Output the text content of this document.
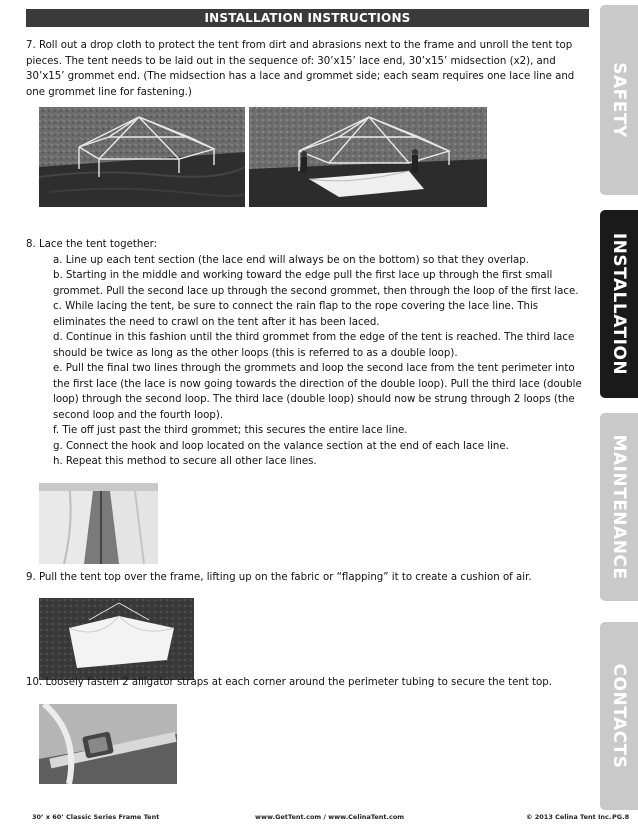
INSTALLATION INSTRUCTIONS

7. Roll out a drop cloth to protect the tent from dirt and abrasions next to the frame and unroll the tent top pieces. The tent needs to be laid out in the sequence of: 30’x15’ lace end, 30’x15’ midsection (x2), and 30’x15’ grommet end. (The midsection has a lace and grommet side; each seam requires one lace line and one grommet line for fastening.)

8. Lace the tent together:
a. Line up each tent section (the lace end will always be on the bottom) so that they overlap.
b. Starting in the middle and working toward the edge pull the first lace up through the first small grommet. Pull the second lace up through the second grommet, then through the loop of the first lace.
c. While lacing the tent, be sure to connect the rain flap to the rope covering the lace line. This eliminates the need to crawl on the tent after it has been laced.
d. Continue in this fashion until the third grommet from the edge of the tent is reached. The third lace should be twice as long as the other loops (this is referred to as a double loop).
e. Pull the final two lines through the grommets and loop the second lace from the tent perimeter into the first lace (the lace is now going towards the direction of the double loop). Pull the third lace (double loop) through the second loop. The third lace (double loop) should now be strung through 2 loops (the second loop and the fourth loop).
f. Tie off just past the third grommet; this secures the entire lace line.
g. Connect the hook and loop located on the valance section at the end of each lace line.
h. Repeat this method to secure all other lace lines.

9. Pull the tent top over the frame, lifting up on the fabric or “flapping” it to create a cushion of air.

10. Loosely fasten 2 alligator straps at each corner around the perimeter tubing to secure the tent top.

SAFETY
INSTALLATION
MAINTENANCE
CONTACTS
30’ x 60’ Classic Series Frame Tent	www.GetTent.com / www.CelinaTent.com	© 2013 Celina Tent Inc. PG.8
